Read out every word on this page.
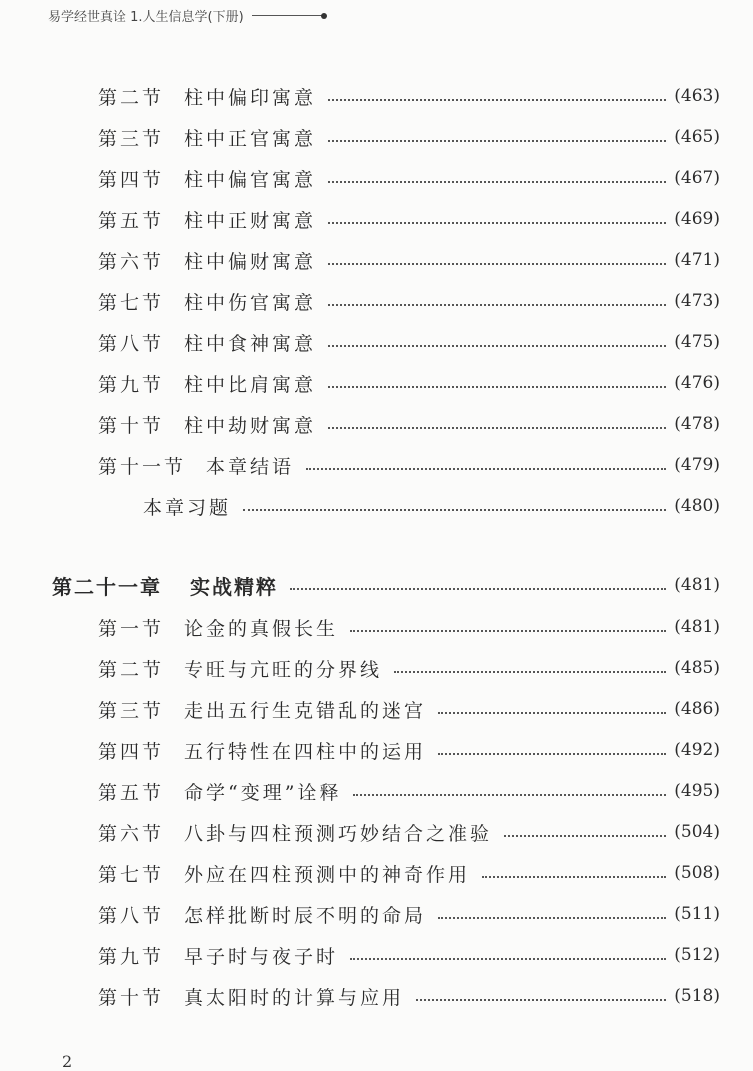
易学经世真诠 1.人生信息学(下册)
第二节 柱中偏印寓意	(463)
第三节 柱中正官寓意	(465)
第四节 柱中偏官寓意	(467)
第五节 柱中正财寓意	(469)
第六节 柱中偏财寓意	(471)
第七节 柱中伤官寓意	(473)
第八节 柱中食神寓意	(475)
第九节 柱中比肩寓意	(476)
第十节 柱中劫财寓意	(478)
第十一节 本章结语	(479)
本章习题	(480)
第二十一章 实战精粹	(481)
第一节 论金的真假长生	(481)
第二节 专旺与亢旺的分界线	(485)
第三节 走出五行生克错乱的迷宫	(486)
第四节 五行特性在四柱中的运用	(492)
第五节 命学“变理”诠释	(495)
第六节 八卦与四柱预测巧妙结合之准验	(504)
第七节 外应在四柱预测中的神奇作用	(508)
第八节 怎样批断时辰不明的命局	(511)
第九节 早子时与夜子时	(512)
第十节 真太阳时的计算与应用	(518)
2
